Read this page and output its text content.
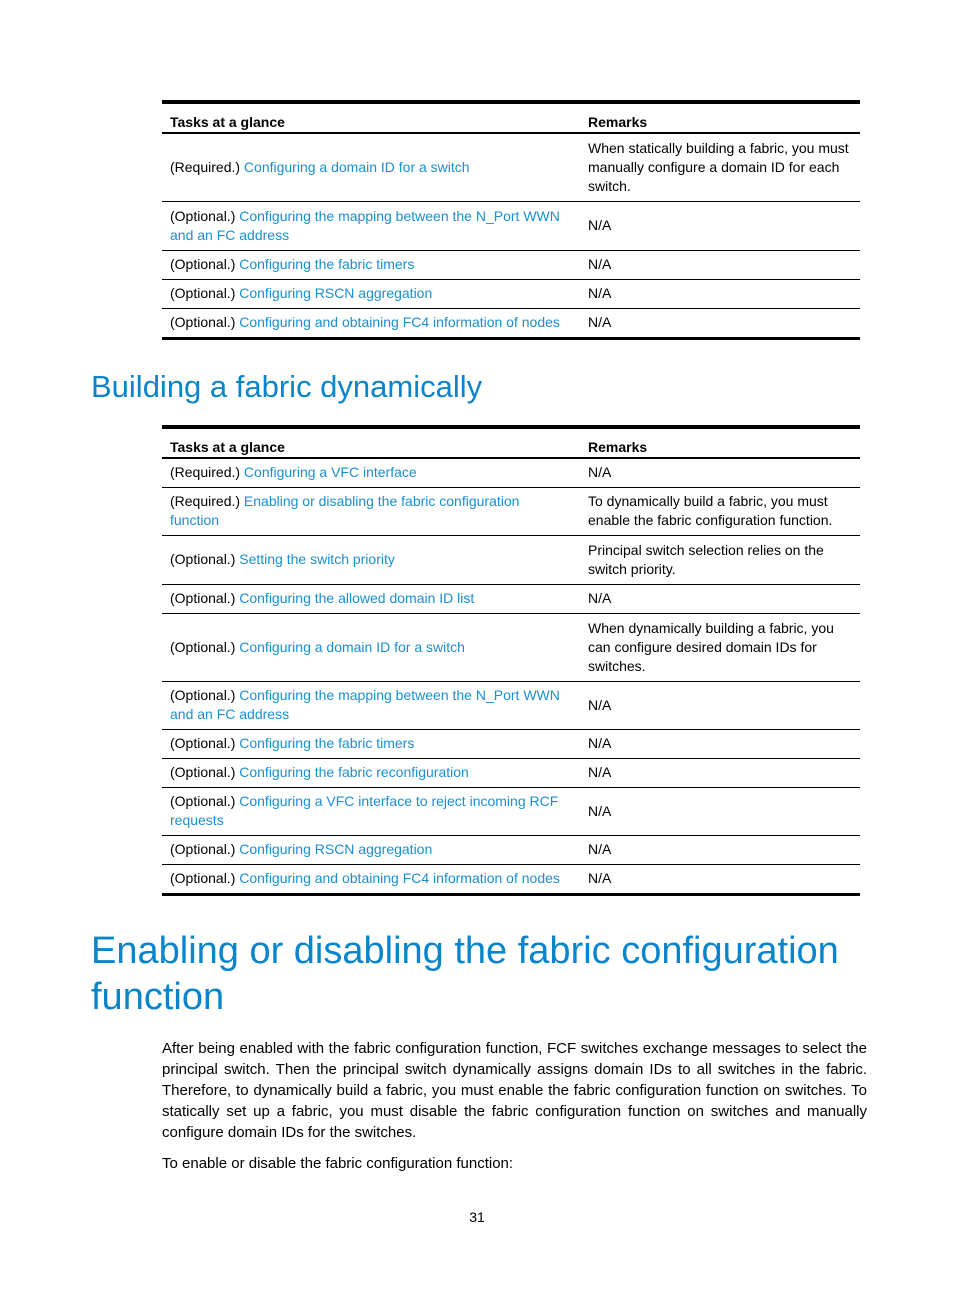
Tasks at a glance	Remarks
(Required.) Configuring a domain ID for a switch	When statically building a fabric, you must manually configure a domain ID for each switch.
(Optional.) Configuring the mapping between the N_Port WWN and an FC address	N/A
(Optional.) Configuring the fabric timers	N/A
(Optional.) Configuring RSCN aggregation	N/A
(Optional.) Configuring and obtaining FC4 information of nodes	N/A
Building a fabric dynamically
Tasks at a glance	Remarks
(Required.) Configuring a VFC interface	N/A
(Required.) Enabling or disabling the fabric configuration function	To dynamically build a fabric, you must enable the fabric configuration function.
(Optional.) Setting the switch priority	Principal switch selection relies on the switch priority.
(Optional.) Configuring the allowed domain ID list	N/A
(Optional.) Configuring a domain ID for a switch	When dynamically building a fabric, you can configure desired domain IDs for switches.
(Optional.) Configuring the mapping between the N_Port WWN and an FC address	N/A
(Optional.) Configuring the fabric timers	N/A
(Optional.) Configuring the fabric reconfiguration	N/A
(Optional.) Configuring a VFC interface to reject incoming RCF requests	N/A
(Optional.) Configuring RSCN aggregation	N/A
(Optional.) Configuring and obtaining FC4 information of nodes	N/A
Enabling or disabling the fabric configuration function

After being enabled with the fabric configuration function, FCF switches exchange messages to select the principal switch. Then the principal switch dynamically assigns domain IDs to all switches in the fabric. Therefore, to dynamically build a fabric, you must enable the fabric configuration function on switches. To statically set up a fabric, you must disable the fabric configuration function on switches and manually configure domain IDs for the switches.

To enable or disable the fabric configuration function:

31
